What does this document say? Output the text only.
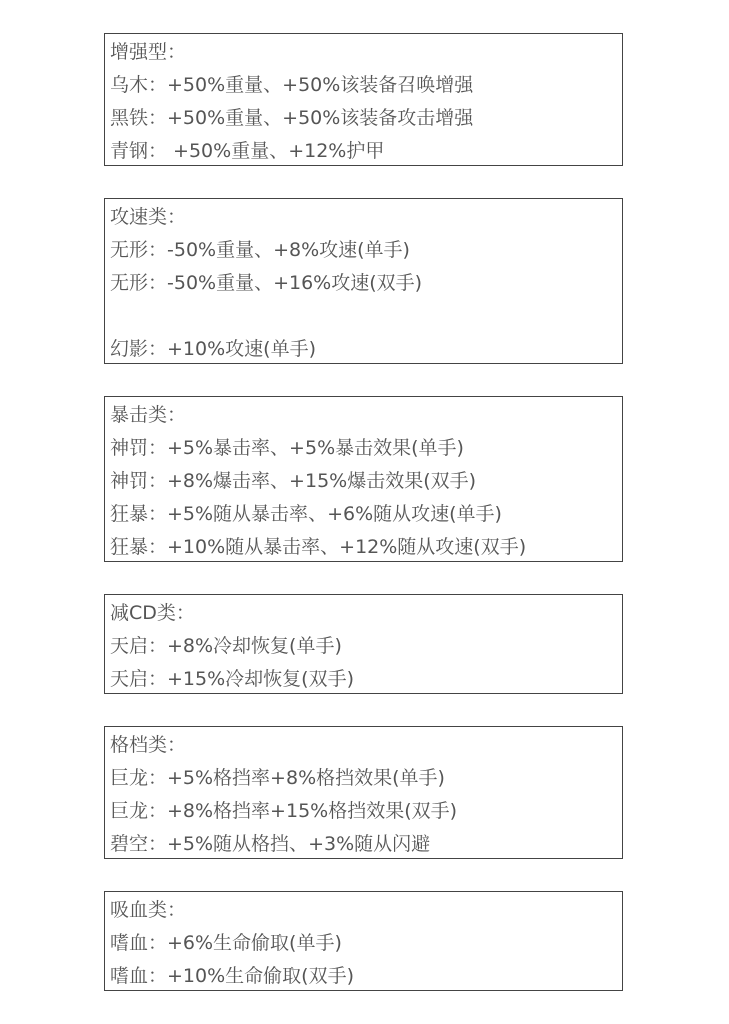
增强型：
乌木：+50%重量、+50%该装备召唤增强
黑铁：+50%重量、+50%该装备攻击增强
青钢： +50%重量、+12%护甲
攻速类：
无形：-50%重量、+8%攻速(单手)
无形：-50%重量、+16%攻速(双手)
幻影：+10%攻速(单手)
暴击类：
神罚：+5%暴击率、+5%暴击效果(单手)
神罚：+8%爆击率、+15%爆击效果(双手)
狂暴：+5%随从暴击率、+6%随从攻速(单手)
狂暴：+10%随从暴击率、+12%随从攻速(双手)
减CD类：
天启：+8%冷却恢复(单手)
天启：+15%冷却恢复(双手)
格档类：
巨龙：+5%格挡率+8%格挡效果(单手)
巨龙：+8%格挡率+15%格挡效果(双手)
碧空：+5%随从格挡、+3%随从闪避
吸血类：
嗜血：+6%生命偷取(单手)
嗜血：+10%生命偷取(双手)
